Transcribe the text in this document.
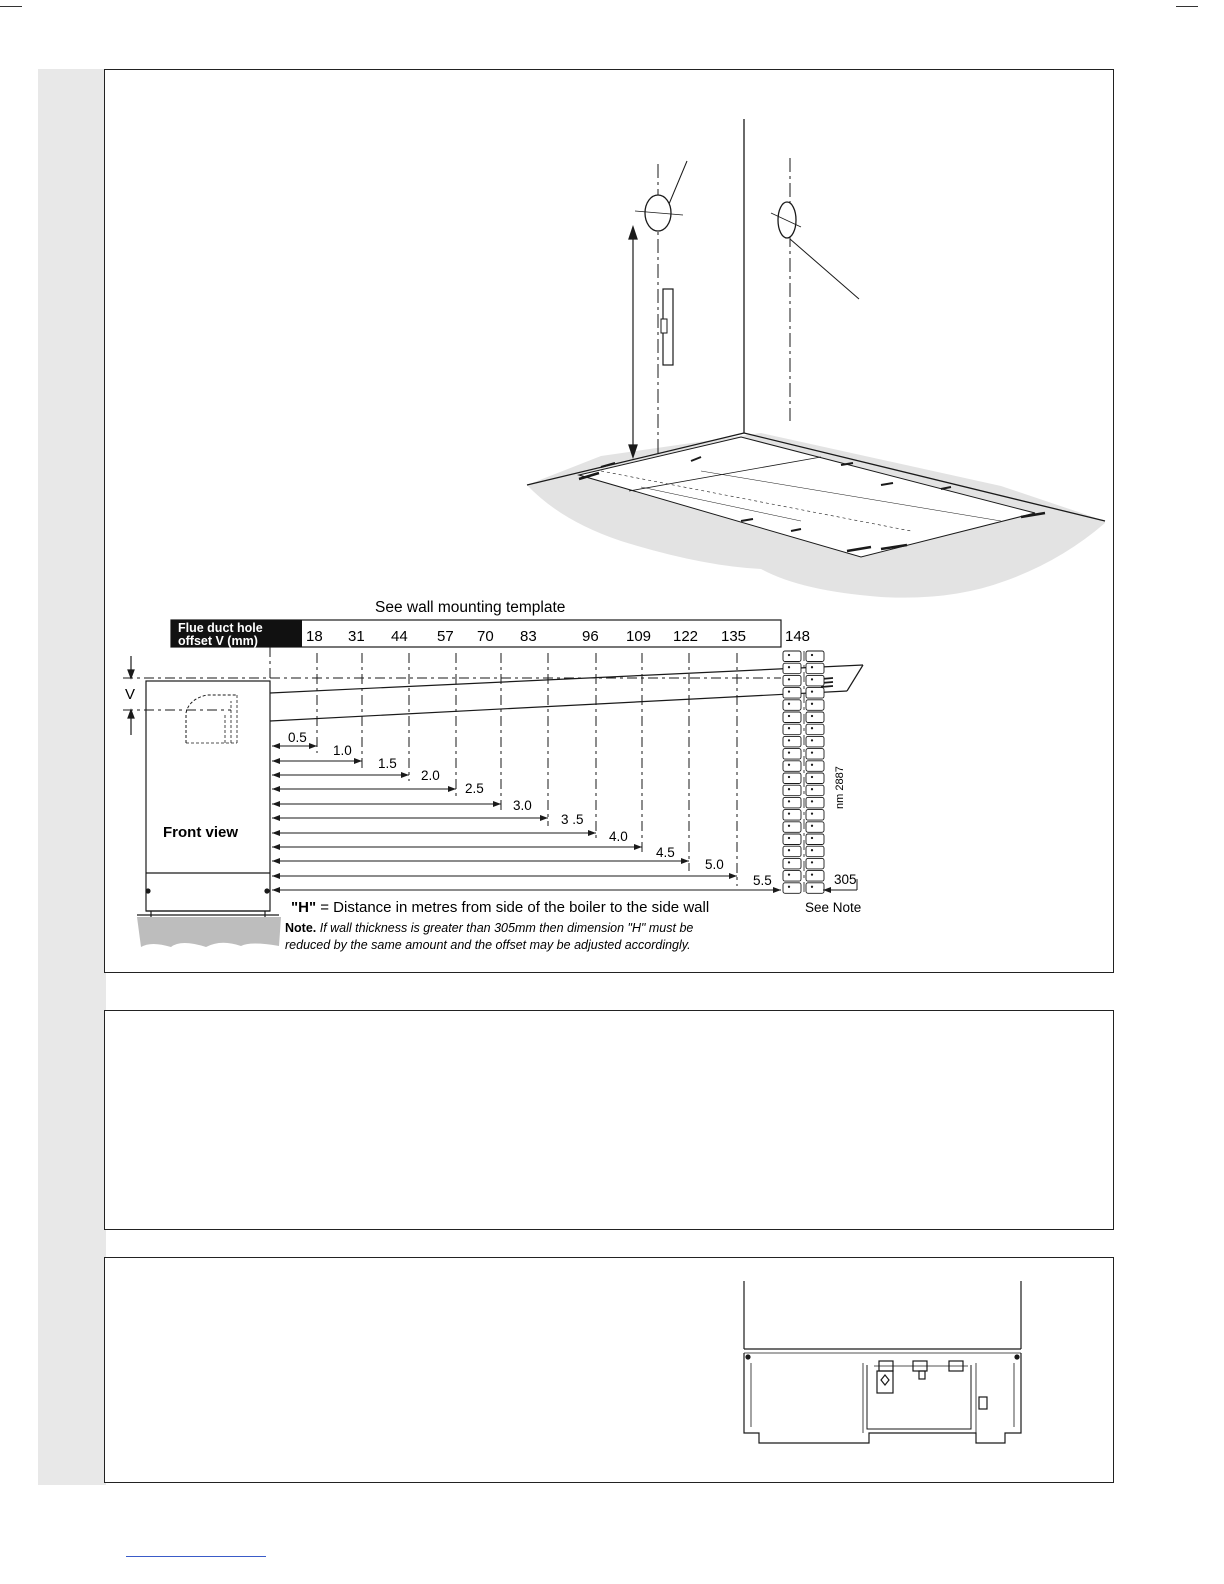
See wall mounting template
Flue duct hole
offset V (mm)	18 31 44 57 70 83	96 109 122 135	148
V
Front view
0.5
1.0
1.5
2.0
2.5
3.0
3 .5
4.0
4.5
5.0
5.5
nm 2887
305
See Note
"H" = Distance in metres from side of the boiler to the side wall
Note. If wall thickness is greater than 305mm then dimension "H" must be
reduced by the same amount and the offset may be adjusted accordingly.
